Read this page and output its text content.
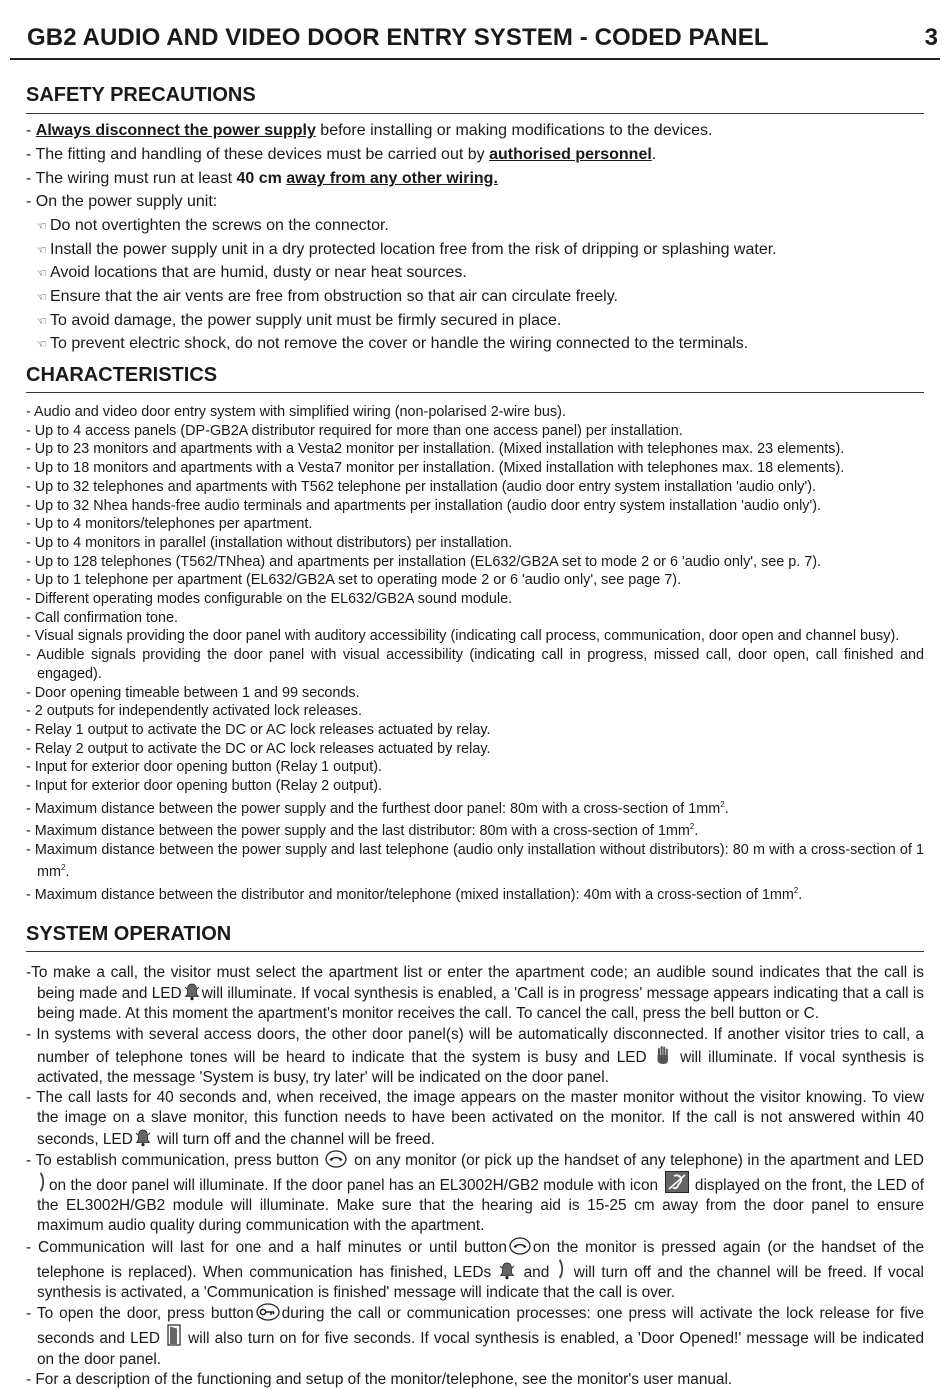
GB2 AUDIO AND VIDEO DOOR ENTRY SYSTEM - CODED PANEL	3
SAFETY PRECAUTIONS
- Always disconnect the power supply before installing or making modifications to the devices.
- The fitting and handling of these devices must be carried out by authorised personnel.
- The wiring must run at least 40 cm away from any other wiring.
- On the power supply unit:
☜ Do not overtighten the screws on the connector.
☜ Install the power supply unit in a dry protected location free from the risk of dripping or splashing water.
☜ Avoid locations that are humid, dusty or near heat sources.
☜ Ensure that the air vents are free from obstruction so that air can circulate freely.
☜ To avoid damage, the power supply unit must be firmly secured in place.
☜ To prevent electric shock, do not remove the cover or handle the wiring connected to the terminals.
CHARACTERISTICS
- Audio and video door entry system with simplified wiring (non-polarised 2-wire bus).
- Up to 4 access panels (DP-GB2A distributor required for more than one access panel) per installation.
- Up to 23 monitors and apartments with a Vesta2 monitor per installation. (Mixed installation with telephones max. 23 elements).
- Up to 18 monitors and apartments with a Vesta7 monitor per installation. (Mixed installation with telephones max. 18 elements).
- Up to 32 telephones and apartments with T562 telephone per installation (audio door entry system installation 'audio only').
- Up to 32 Nhea hands-free audio terminals and apartments per installation (audio door entry system installation 'audio only').
- Up to 4 monitors/telephones per apartment.
- Up to 4 monitors in parallel (installation without distributors) per installation.
- Up to 128 telephones (T562/TNhea) and apartments per installation (EL632/GB2A set to mode 2 or 6 'audio only', see p. 7).
- Up to 1 telephone per apartment (EL632/GB2A set to operating mode 2 or 6 'audio only', see page 7).
- Different operating modes configurable on the EL632/GB2A sound module.
- Call confirmation tone.
- Visual signals providing the door panel with auditory accessibility (indicating call process, communication, door open and channel busy).
- Audible signals providing the door panel with visual accessibility (indicating call in progress, missed call, door open, call finished and engaged).
- Door opening timeable between 1 and 99 seconds.
- 2 outputs for independently activated lock releases.
- Relay 1 output to activate the DC or AC lock releases actuated by relay.
- Relay 2 output to activate the DC or AC lock releases actuated by relay.
- Input for exterior door opening button (Relay 1 output).
- Input for exterior door opening button (Relay 2 output).
- Maximum distance between the power supply and the furthest door panel: 80m with a cross-section of $1mm^2$.
- Maximum distance between the power supply and the last distributor: 80m with a cross-section of $1mm^2$.
- Maximum distance between the power supply and last telephone (audio only installation without distributors): 80 m with a cross-section of 1 $mm^2$.
- Maximum distance between the distributor and monitor/telephone (mixed installation): 40m with a cross-section of $1mm^2$.
SYSTEM OPERATION
-To make a call, the visitor must select the apartment list or enter the apartment code; an audible sound indicates that the call is being made and LED will illuminate. If vocal synthesis is enabled, a 'Call is in progress' message appears indicating that a call is being made. At this moment the apartment's monitor receives the call. To cancel the call, press the bell button or C.
- In systems with several access doors, the other door panel(s) will be automatically disconnected. If another visitor tries to call, a number of telephone tones will be heard to indicate that the system is busy and LED will illuminate. If vocal synthesis is activated, the message 'System is busy, try later' will be indicated on the door panel.
- The call lasts for 40 seconds and, when received, the image appears on the master monitor without the visitor knowing. To view the image on a slave monitor, this function needs to have been activated on the monitor. If the call is not answered within 40 seconds, LED will turn off and the channel will be freed.
- To establish communication, press button on any monitor (or pick up the handset of any telephone) in the apartment and LED
on the door panel will illuminate. If the door panel has an EL3002H/GB2 module with icon displayed on the front, the LED of the EL3002H/GB2 module will illuminate. Make sure that the hearing aid is 15-25 cm away from the door panel to ensure maximum audio quality during communication with the apartment.
- Communication will last for one and a half minutes or until button on the monitor is pressed again (or the handset of the telephone is replaced). When communication has finished, LEDs and will turn off and the channel will be freed. If vocal synthesis is activated, a 'Communication is finished' message will indicate that the call is over.
- To open the door, press button during the call or communication processes: one press will activate the lock release for five seconds and LED will also turn on for five seconds. If vocal synthesis is enabled, a 'Door Opened!' message will be indicated on the door panel.
- For a description of the functioning and setup of the monitor/telephone, see the monitor's user manual.
